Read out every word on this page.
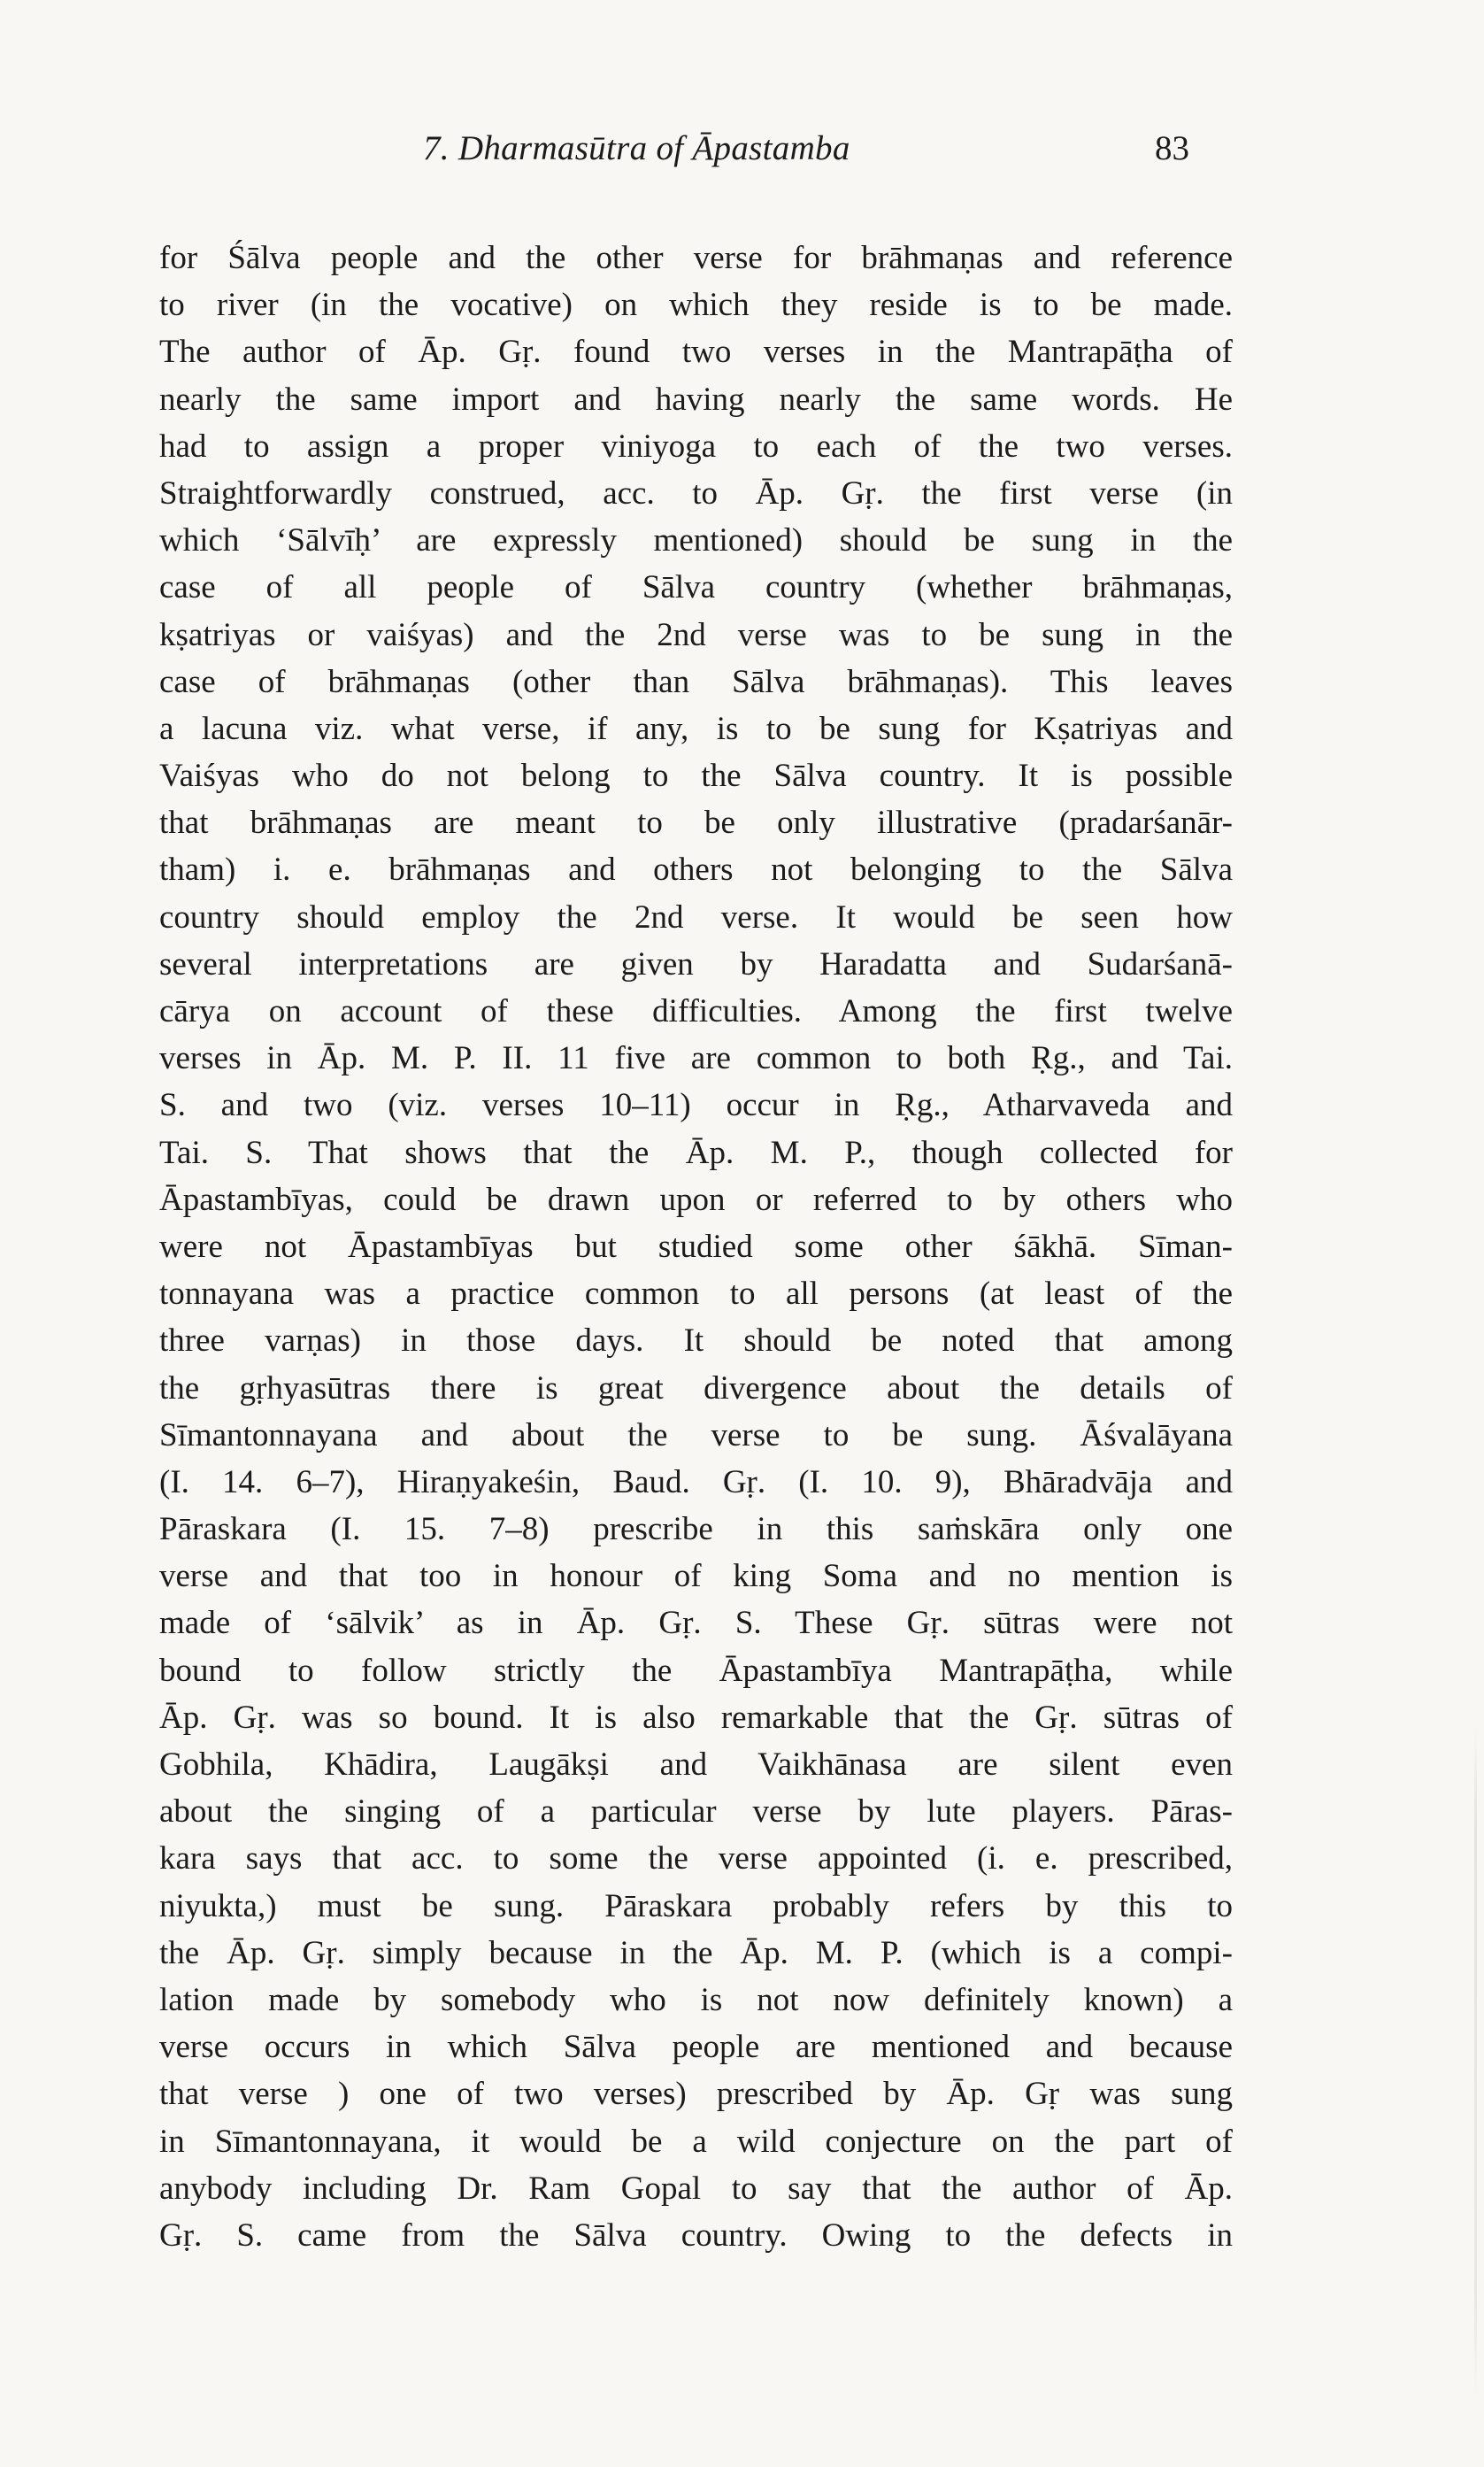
7. Dharmasūtra of Āpastamba	83
for Śālva people and the other verse for brāhmaṇas and reference
to river (in the vocative) on which they reside is to be made.
The author of Āp. Gṛ. found two verses in the Mantrapāṭha of
nearly the same import and having nearly the same words. He
had to assign a proper viniyoga to each of the two verses.
Straightforwardly construed, acc. to Āp. Gṛ. the first verse (in
which ‘Sālvīḥ’ are expressly mentioned) should be sung in the
case of all people of Sālva country (whether brāhmaṇas,
kṣatriyas or vaiśyas) and the 2nd verse was to be sung in the
case of brāhmaṇas (other than Sālva brāhmaṇas). This leaves
a lacuna viz. what verse, if any, is to be sung for Kṣatriyas and
Vaiśyas who do not belong to the Sālva country. It is possible
that brāhmaṇas are meant to be only illustrative (pradarśanār-
tham) i. e. brāhmaṇas and others not belonging to the Sālva
country should employ the 2nd verse. It would be seen how
several interpretations are given by Haradatta and Sudarśanā-
cārya on account of these difficulties. Among the first twelve
verses in Āp. M. P. II. 11 five are common to both Ṛg., and Tai.
S. and two (viz. verses 10–11) occur in Ṛg., Atharvaveda and
Tai. S. That shows that the Āp. M. P., though collected for
Āpastambīyas, could be drawn upon or referred to by others who
were not Āpastambīyas but studied some other śākhā. Sīman-
tonnayana was a practice common to all persons (at least of the
three varṇas) in those days. It should be noted that among
the gṛhyasūtras there is great divergence about the details of
Sīmantonnayana and about the verse to be sung. Āśvalāyana
(I. 14. 6–7), Hiraṇyakeśin, Baud. Gṛ. (I. 10. 9), Bhāradvāja and
Pāraskara (I. 15. 7–8) prescribe in this saṁskāra only one
verse and that too in honour of king Soma and no mention is
made of ‘sālvik’ as in Āp. Gṛ. S. These Gṛ. sūtras were not
bound to follow strictly the Āpastambīya Mantrapāṭha, while
Āp. Gṛ. was so bound. It is also remarkable that the Gṛ. sūtras of
Gobhila, Khādira, Laugākṣi and Vaikhānasa are silent even
about the singing of a particular verse by lute players. Pāras-
kara says that acc. to some the verse appointed (i. e. prescribed,
niyukta,) must be sung. Pāraskara probably refers by this to
the Āp. Gṛ. simply because in the Āp. M. P. (which is a compi-
lation made by somebody who is not now definitely known) a
verse occurs in which Sālva people are mentioned and because
that verse ) one of two verses) prescribed by Āp. Gṛ was sung
in Sīmantonnayana, it would be a wild conjecture on the part of
anybody including Dr. Ram Gopal to say that the author of Āp.
Gṛ. S. came from the Sālva country. Owing to the defects in
